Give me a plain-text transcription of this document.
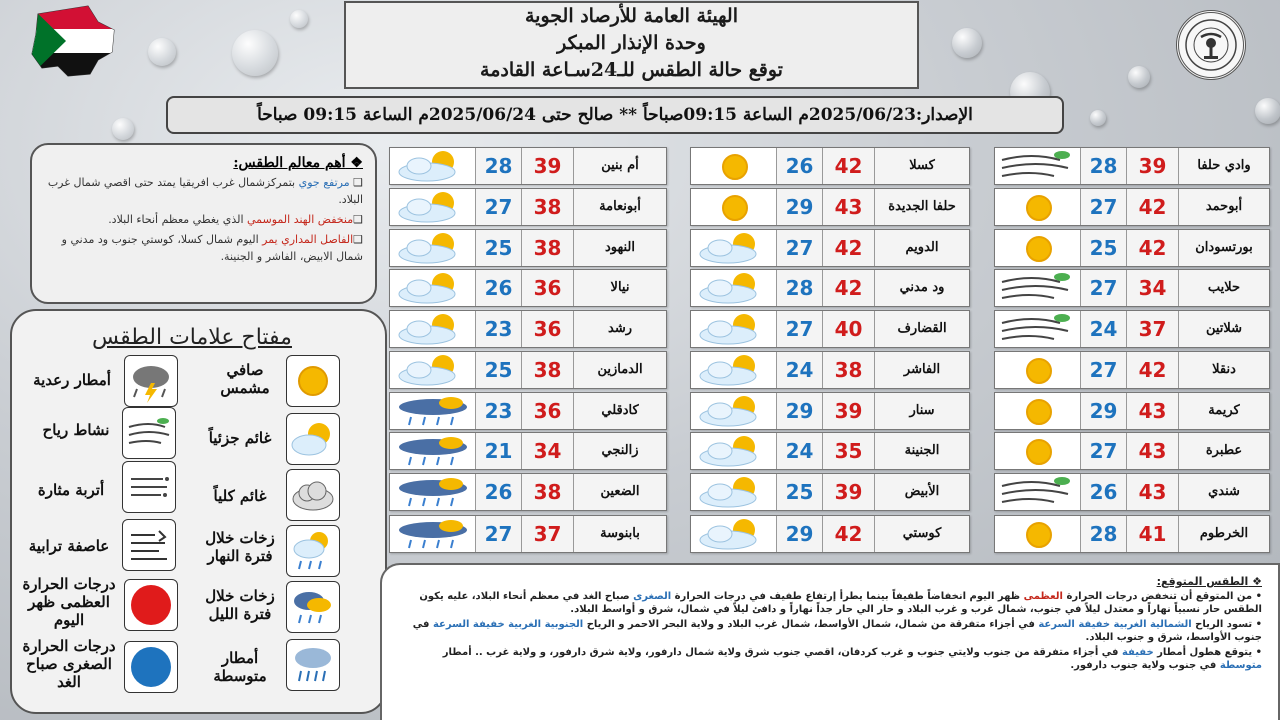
الهيئة العامة للأرصاد الجوية
وحدة الإنذار المبكر
توقع حالة الطقس للـ24سـاعة القادمة
الإصدار:2025/06/23م الساعة 09:15صباحاً ** صالح حتى 2025/06/24م الساعة 09:15 صباحاً
❖ أهم معالم الطقس:
❑ مرتفع جوي بتمركزشمال غرب افريقيا يمتد حتى اقصي شمال غرب البلاد.
❑منخفض الهند الموسمي الذي يغطي معظم أنحاء البلاد.
❑الفاصل المداري يمر اليوم شمال كسلا، كوستي جنوب ود مدني و شمال الابيض، الفاشر و الجنينة.
مفتاح علامات الطقس
صافي مشمس
أمطار رعدية
غائم جزئياً
نشاط رياح
غائم كلياً
أتربة مثارة
زخات خلال فترة النهار
عاصفة ترابية
زخات خلال فترة الليل
درجات الحرارة العظمى ظهر اليوم
أمطار متوسطة
درجات الحرارة الصغرى صباح الغد
❖ الطقس المتوقع:
• من المتوقع أن تنخفض درجات الحرارة العظمى ظهر اليوم انخفاضاً طفيفاً بينما يطرأ إرتفاع طفيف في درجات الحرارة الصغرى صباح الغد في معظم أنحاء البلاد، عليه يكون الطقس حار نسبياً نهاراً و معتدل ليلاً في جنوب، شمال غرب و غرب البلاد و حار الي حار جداً نهاراً و دافئ ليلاً في شمال، شرق و أواسط البلاد.
• تسود الرياح الشمالية الغربية خفيفة السرعة في أجزاء متفرقة من شمال، شمال الأواسط، شمال غرب البلاد و ولاية البحر الاحمر و الرياح الجنوبية الغربية خفيفة السرعة في جنوب الأواسط، شرق و جنوب البلاد.
• يتوقع هطول أمطار خفيفة في أجزاء متفرقة من جنوب ولايتي جنوب و غرب كردفان، اقصي جنوب شرق ولاية شمال دارفور، ولاية شرق دارفور، و ولاية غرب .. أمطار متوسطة في جنوب ولاية جنوب دارفور.
28	39	أم بنين
27	38	أبونعامة
25	38	النهود
26	36	نيالا
23	36	رشد
25	38	الدمازين
23	36	كادقلي
21	34	زالنجي
26	38	الضعين
27	37	بابنوسة
26	42	كسلا
29	43	حلفا الجديدة
27	42	الدويم
28	42	ود مدني
27	40	القضارف
24	38	الفاشر
29	39	سنار
24	35	الجنينة
25	39	الأبيض
29	42	كوستي
28	39	وادي حلفا
27	42	أبوحمد
25	42	بورتسودان
27	34	حلايب
24	37	شلاتين
27	42	دنقلا
29	43	كريمة
27	43	عطبرة
26	43	شندي
28	41	الخرطوم
